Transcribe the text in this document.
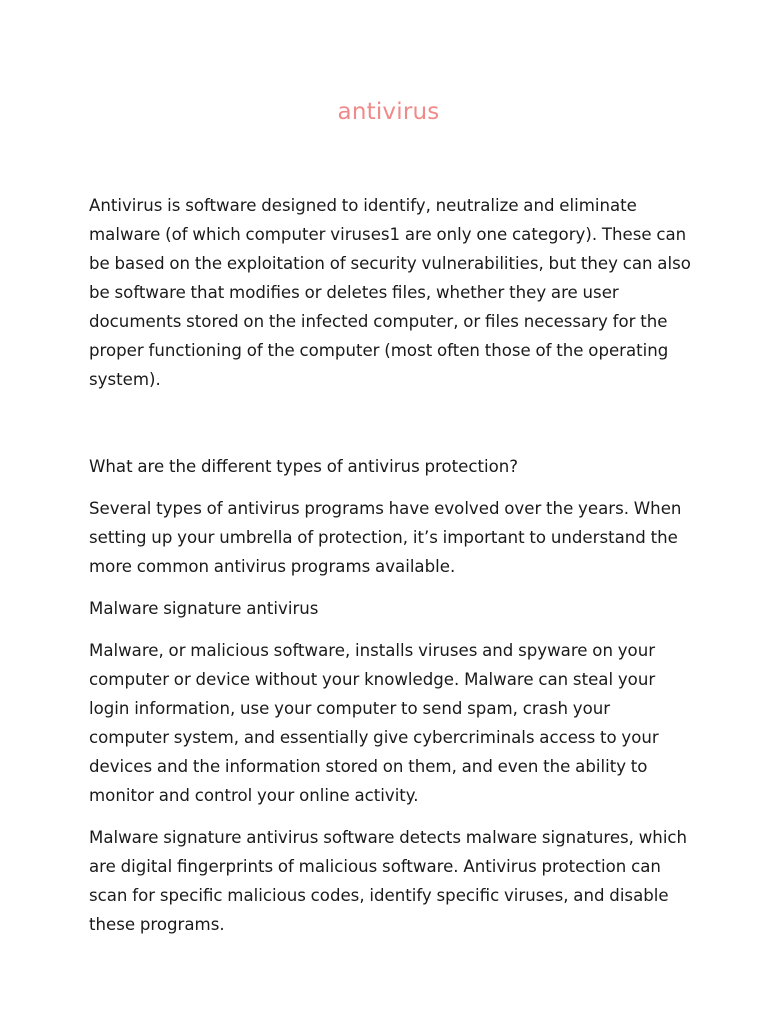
antivirus

Antivirus is software designed to identify, neutralize and eliminate
malware (of which computer viruses1 are only one category). These can
be based on the exploitation of security vulnerabilities, but they can also
be software that modifies or deletes files, whether they are user
documents stored on the infected computer, or files necessary for the
proper functioning of the computer (most often those of the operating
system).

What are the different types of antivirus protection?

Several types of antivirus programs have evolved over the years. When
setting up your umbrella of protection, it’s important to understand the
more common antivirus programs available.

Malware signature antivirus

Malware, or malicious software, installs viruses and spyware on your
computer or device without your knowledge. Malware can steal your
login information, use your computer to send spam, crash your
computer system, and essentially give cybercriminals access to your
devices and the information stored on them, and even the ability to
monitor and control your online activity.

Malware signature antivirus software detects malware signatures, which
are digital fingerprints of malicious software. Antivirus protection can
scan for specific malicious codes, identify specific viruses, and disable
these programs.
